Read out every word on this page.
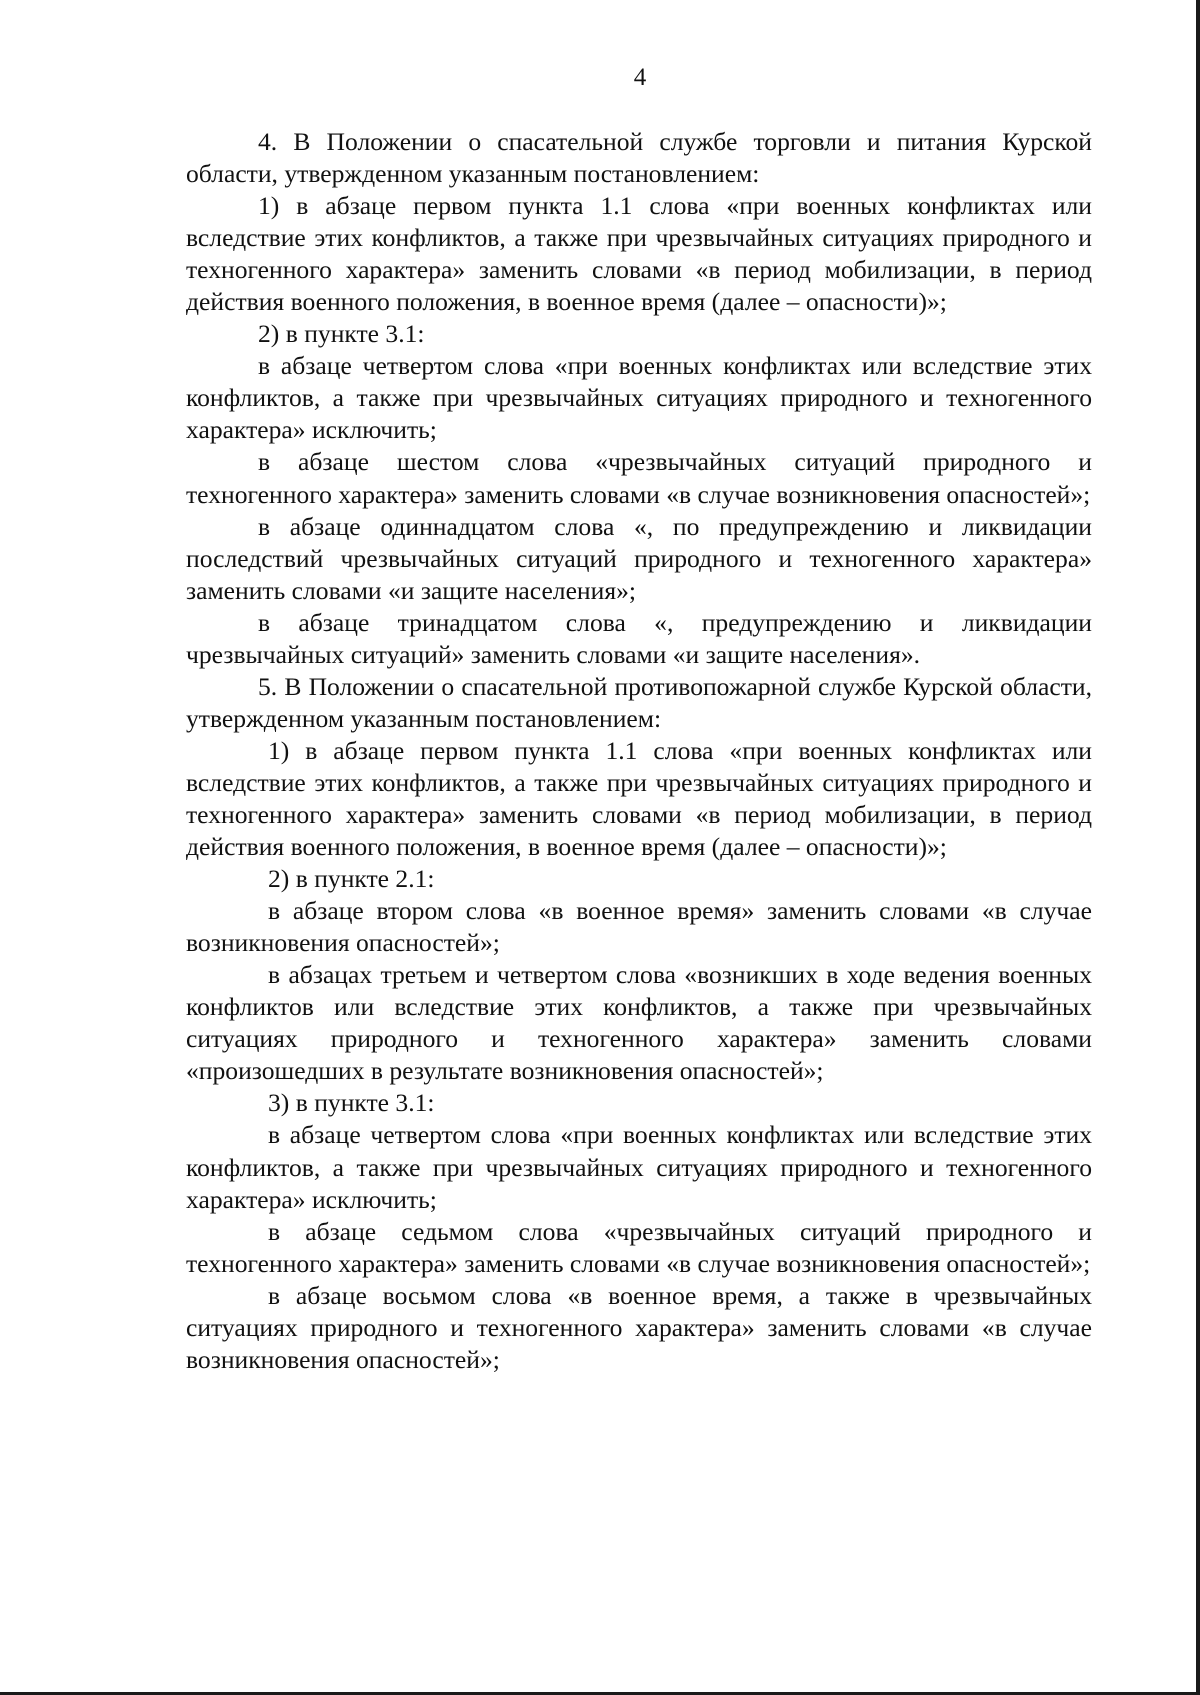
4

4. В Положении о спасательной службе торговли и питания Курской области, утвержденном указанным постановлением:

1) в абзаце первом пункта 1.1 слова «при военных конфликтах или вследствие этих конфликтов, а также при чрезвычайных ситуациях природного и техногенного характера» заменить словами «в период мобилизации, в период действия военного положения, в военное время (далее – опасности)»;

2) в пункте 3.1:

в абзаце четвертом слова «при военных конфликтах или вследствие этих конфликтов, а также при чрезвычайных ситуациях природного и техногенного характера» исключить;

в абзаце шестом слова «чрезвычайных ситуаций природного и техногенного характера» заменить словами «в случае возникновения опасностей»;

в абзаце одиннадцатом слова «, по предупреждению и ликвидации последствий чрезвычайных ситуаций природного и техногенного характера» заменить словами «и защите населения»;

в абзаце тринадцатом слова «, предупреждению и ликвидации чрезвычайных ситуаций» заменить словами «и защите населения».

5. В Положении о спасательной противопожарной службе Курской области, утвержденном указанным постановлением:

1) в абзаце первом пункта 1.1 слова «при военных конфликтах или вследствие этих конфликтов, а также при чрезвычайных ситуациях природного и техногенного характера» заменить словами «в период мобилизации, в период действия военного положения, в военное время (далее – опасности)»;

2) в пункте 2.1:

в абзаце втором слова «в военное время» заменить словами «в случае возникновения опасностей»;

в абзацах третьем и четвертом слова «возникших в ходе ведения военных конфликтов или вследствие этих конфликтов, а также при чрезвычайных ситуациях природного и техногенного характера» заменить словами «произошедших в результате возникновения опасностей»;

3) в пункте 3.1:

в абзаце четвертом слова «при военных конфликтах или вследствие этих конфликтов, а также при чрезвычайных ситуациях природного и техногенного характера» исключить;

в абзаце седьмом слова «чрезвычайных ситуаций природного и техногенного характера» заменить словами «в случае возникновения опасностей»;

в абзаце восьмом слова «в военное время, а также в чрезвычайных ситуациях природного и техногенного характера» заменить словами «в случае возникновения опасностей»;
